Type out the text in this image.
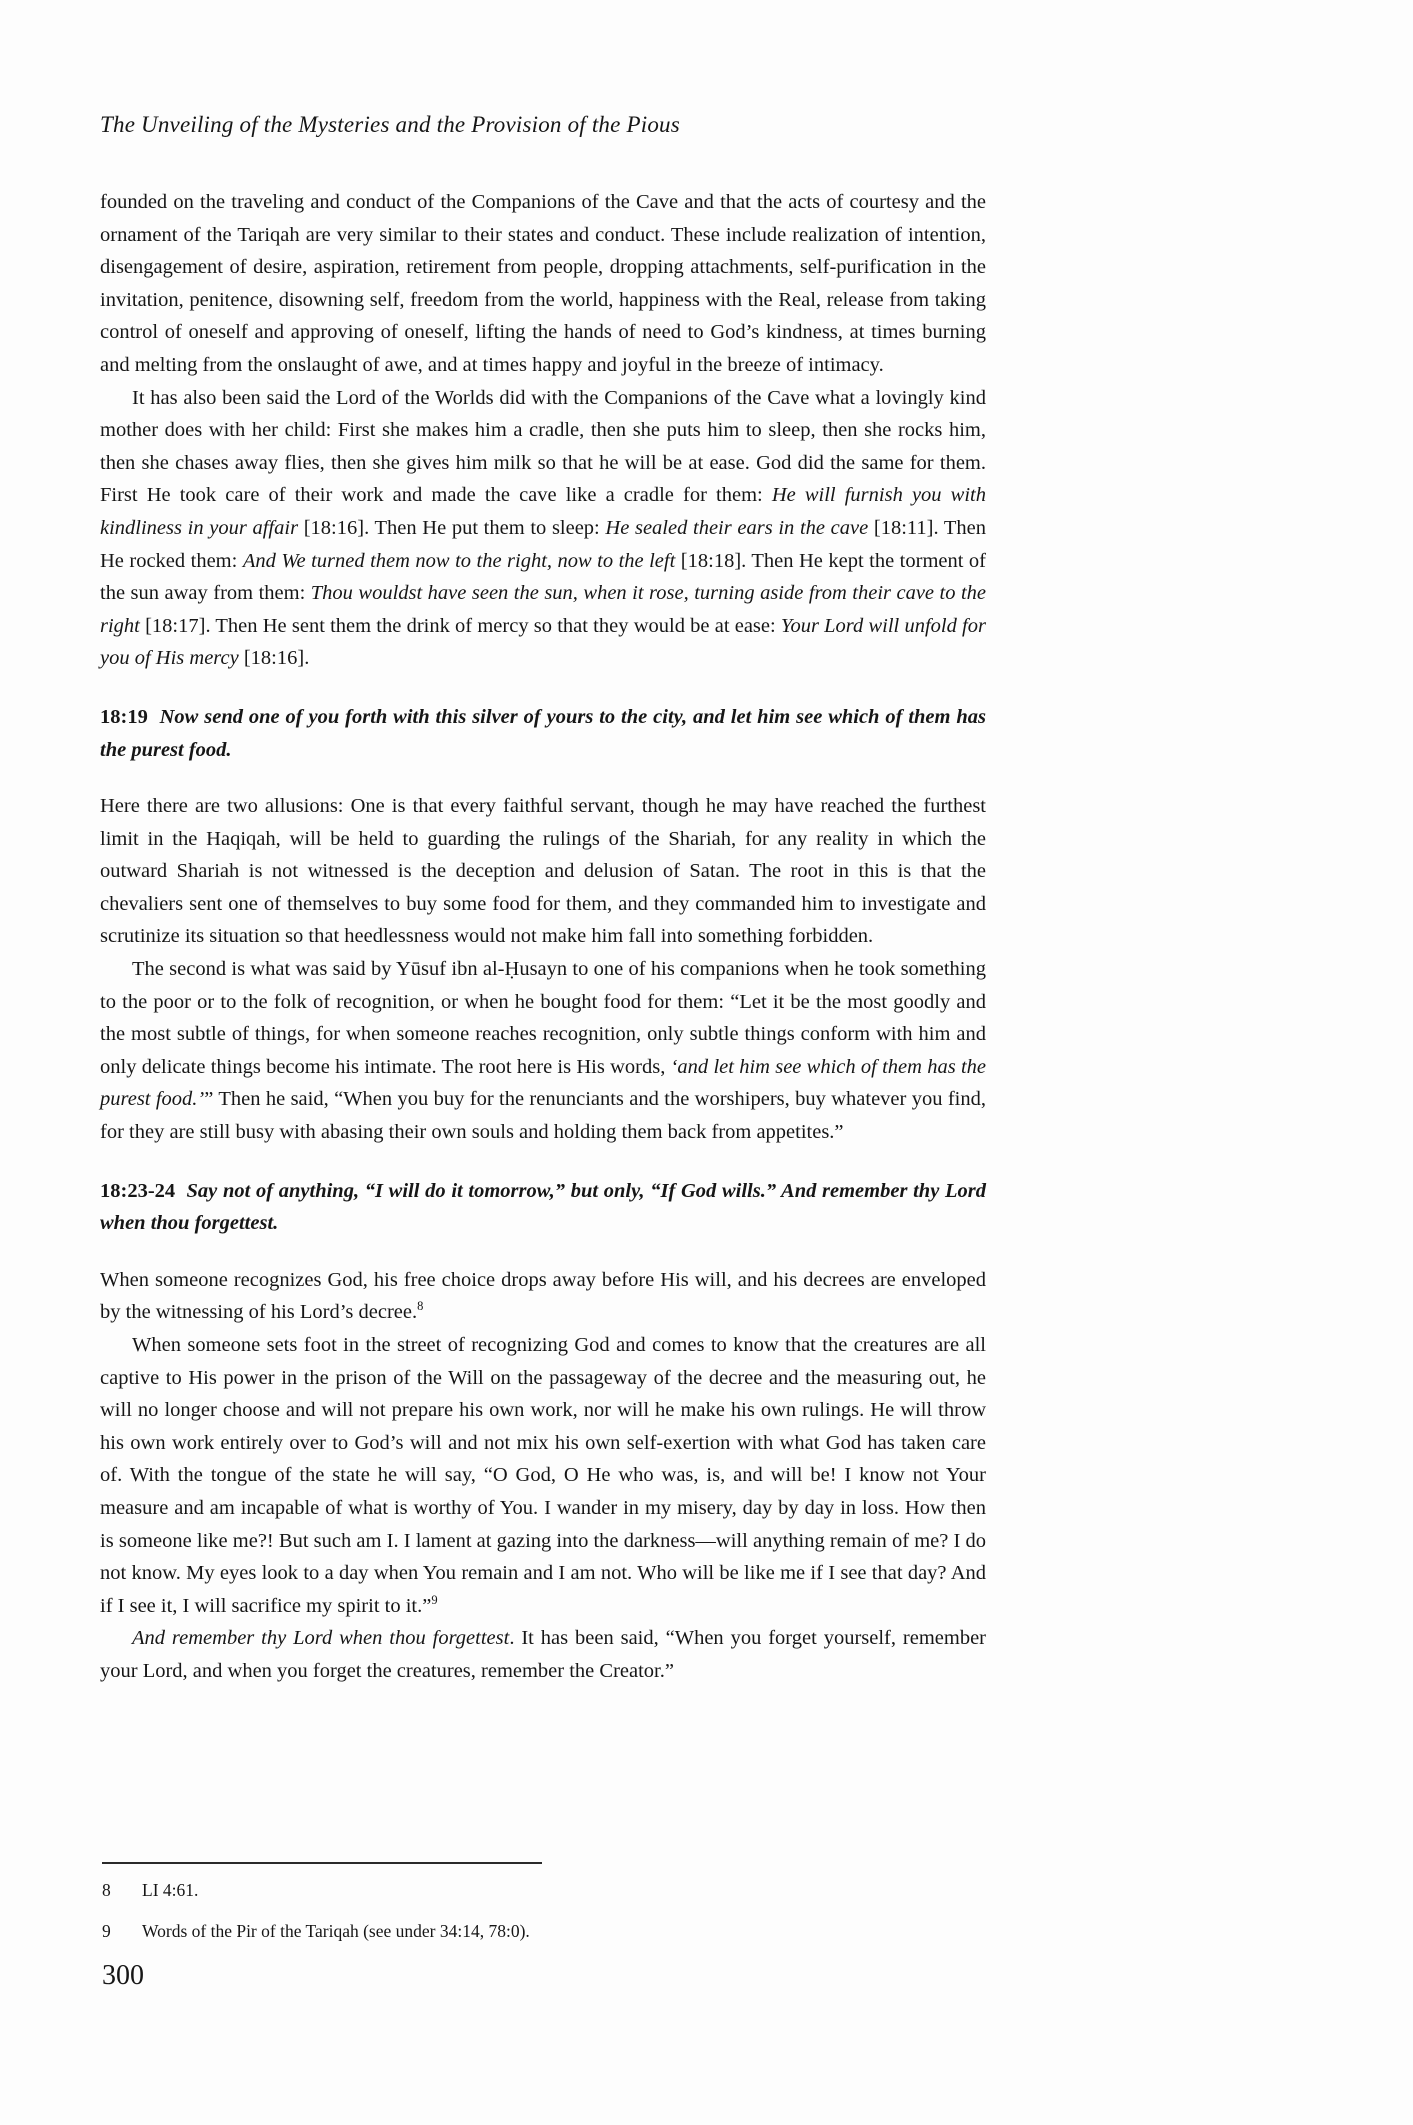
The Unveiling of the Mysteries and the Provision of the Pious

founded on the traveling and conduct of the Companions of the Cave and that the acts of courtesy and the ornament of the Tariqah are very similar to their states and conduct. These include realization of intention, disengagement of desire, aspiration, retirement from people, dropping attachments, self-purification in the invitation, penitence, disowning self, freedom from the world, happiness with the Real, release from taking control of oneself and approving of oneself, lifting the hands of need to God’s kindness, at times burning and melting from the onslaught of awe, and at times happy and joyful in the breeze of intimacy.

It has also been said the Lord of the Worlds did with the Companions of the Cave what a lovingly kind mother does with her child: First she makes him a cradle, then she puts him to sleep, then she rocks him, then she chases away flies, then she gives him milk so that he will be at ease. God did the same for them. First He took care of their work and made the cave like a cradle for them: He will furnish you with kindliness in your affair [18:16]. Then He put them to sleep: He sealed their ears in the cave [18:11]. Then He rocked them: And We turned them now to the right, now to the left [18:18]. Then He kept the torment of the sun away from them: Thou wouldst have seen the sun, when it rose, turning aside from their cave to the right [18:17]. Then He sent them the drink of mercy so that they would be at ease: Your Lord will unfold for you of His mercy [18:16].

18:19  Now send one of you forth with this silver of yours to the city, and let him see which of them has the purest food.

Here there are two allusions: One is that every faithful servant, though he may have reached the furthest limit in the Haqiqah, will be held to guarding the rulings of the Shariah, for any reality in which the outward Shariah is not witnessed is the deception and delusion of Satan. The root in this is that the chevaliers sent one of themselves to buy some food for them, and they commanded him to investigate and scrutinize its situation so that heedlessness would not make him fall into something forbidden.

The second is what was said by Yūsuf ibn al-Ḥusayn to one of his companions when he took something to the poor or to the folk of recognition, or when he bought food for them: “Let it be the most goodly and the most subtle of things, for when someone reaches recognition, only subtle things conform with him and only delicate things become his intimate. The root here is His words, ‘and let him see which of them has the purest food.’” Then he said, “When you buy for the renunciants and the worshipers, buy whatever you find, for they are still busy with abasing their own souls and holding them back from appetites.”

18:23-24  Say not of anything, “I will do it tomorrow,” but only, “If God wills.” And remember thy Lord when thou forgettest.

When someone recognizes God, his free choice drops away before His will, and his decrees are enveloped by the witnessing of his Lord’s decree.$^8$

When someone sets foot in the street of recognizing God and comes to know that the creatures are all captive to His power in the prison of the Will on the passageway of the decree and the measuring out, he will no longer choose and will not prepare his own work, nor will he make his own rulings. He will throw his own work entirely over to God’s will and not mix his own self-exertion with what God has taken care of. With the tongue of the state he will say, “O God, O He who was, is, and will be! I know not Your measure and am incapable of what is worthy of You. I wander in my misery, day by day in loss. How then is someone like me?! But such am I. I lament at gazing into the darkness—will anything remain of me? I do not know. My eyes look to a day when You remain and I am not. Who will be like me if I see that day? And if I see it, I will sacrifice my spirit to it.”$^9$

And remember thy Lord when thou forgettest. It has been said, “When you forget yourself, remember your Lord, and when you forget the creatures, remember the Creator.”

8	LI 4:61.
9	Words of the Pir of the Tariqah (see under 34:14, 78:0).
300
